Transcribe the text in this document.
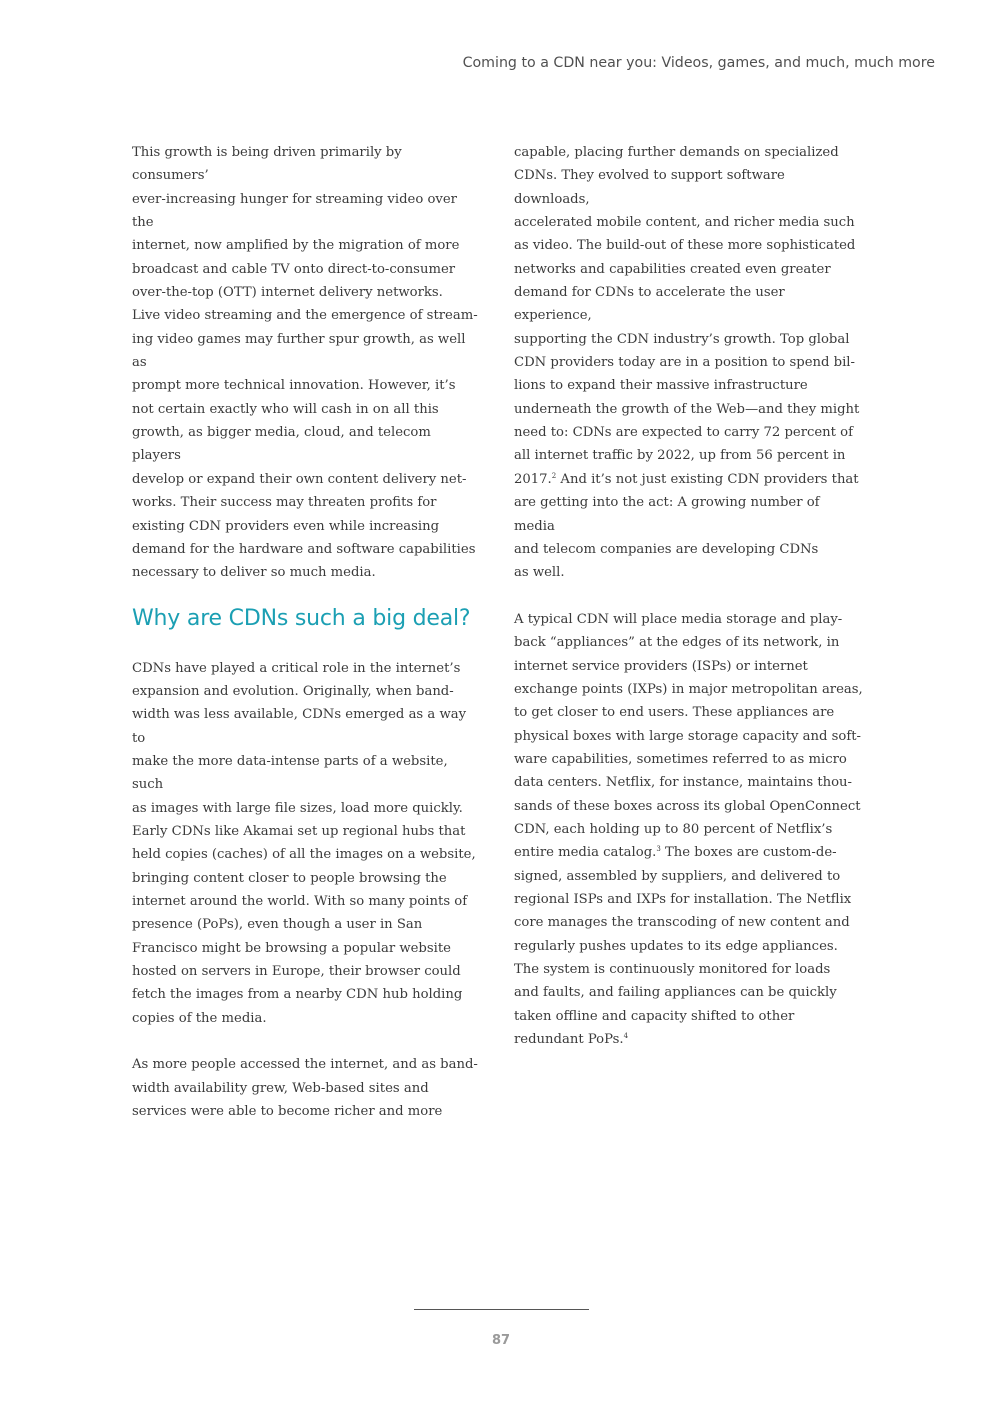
Coming to a CDN near you: Videos, games, and much, much more

This growth is being driven primarily by consumers’
ever-increasing hunger for streaming video over the
internet, now amplified by the migration of more
broadcast and cable TV onto direct-to-consumer
over-the-top (OTT) internet delivery networks.
Live video streaming and the emergence of stream-
ing video games may further spur growth, as well as
prompt more technical innovation. However, it’s
not certain exactly who will cash in on all this
growth, as bigger media, cloud, and telecom players
develop or expand their own content delivery net-
works. Their success may threaten profits for
existing CDN providers even while increasing
demand for the hardware and software capabilities
necessary to deliver so much media.

Why are CDNs such a big deal?

CDNs have played a critical role in the internet’s
expansion and evolution. Originally, when band-
width was less available, CDNs emerged as a way to
make the more data-intense parts of a website, such
as images with large file sizes, load more quickly.
Early CDNs like Akamai set up regional hubs that
held copies (caches) of all the images on a website,
bringing content closer to people browsing the
internet around the world. With so many points of
presence (PoPs), even though a user in San
Francisco might be browsing a popular website
hosted on servers in Europe, their browser could
fetch the images from a nearby CDN hub holding
copies of the media.

As more people accessed the internet, and as band-
width availability grew, Web-based sites and
services were able to become richer and more

capable, placing further demands on specialized
CDNs. They evolved to support software downloads,
accelerated mobile content, and richer media such
as video. The build-out of these more sophisticated
networks and capabilities created even greater
demand for CDNs to accelerate the user experience,
supporting the CDN industry’s growth. Top global
CDN providers today are in a position to spend bil-
lions to expand their massive infrastructure
underneath the growth of the Web—and they might
need to: CDNs are expected to carry 72 percent of
all internet traffic by 2022, up from 56 percent in
2017.$^2$ And it’s not just existing CDN providers that
are getting into the act: A growing number of media
and telecom companies are developing CDNs
as well.

A typical CDN will place media storage and play-
back “appliances” at the edges of its network, in
internet service providers (ISPs) or internet
exchange points (IXPs) in major metropolitan areas,
to get closer to end users. These appliances are
physical boxes with large storage capacity and soft-
ware capabilities, sometimes referred to as micro
data centers. Netflix, for instance, maintains thou-
sands of these boxes across its global OpenConnect
CDN, each holding up to 80 percent of Netflix’s
entire media catalog.$^3$ The boxes are custom-de-
signed, assembled by suppliers, and delivered to
regional ISPs and IXPs for installation. The Netflix
core manages the transcoding of new content and
regularly pushes updates to its edge appliances.
The system is continuously monitored for loads
and faults, and failing appliances can be quickly
taken offline and capacity shifted to other
redundant PoPs.$^4$

87
